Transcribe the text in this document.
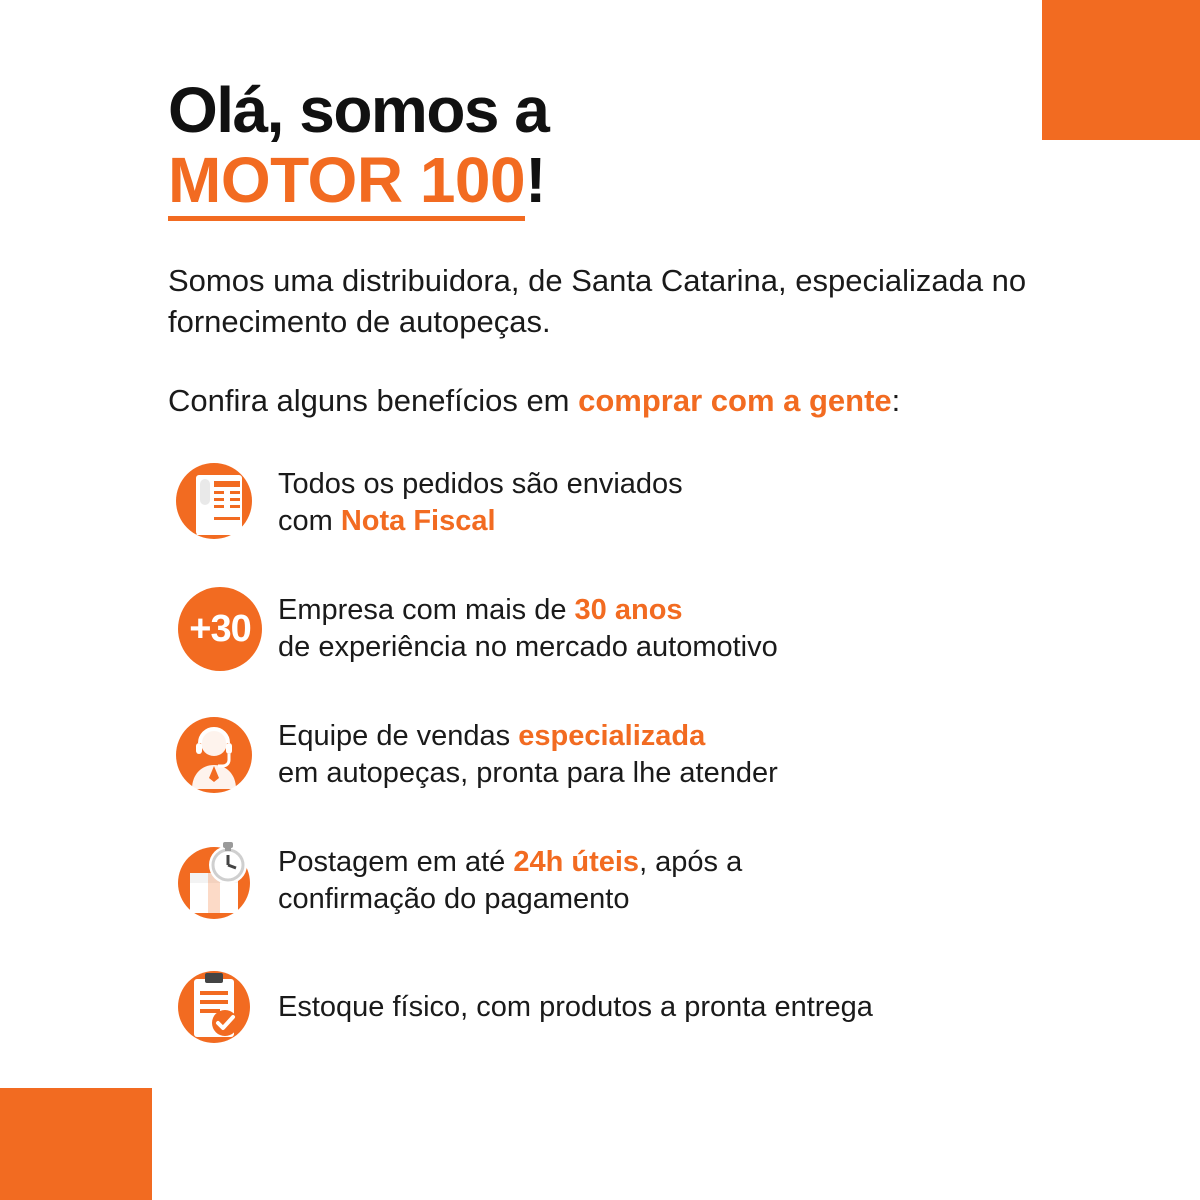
Olá, somos a
MOTOR 100!

Somos uma distribuidora, de Santa Catarina, especializada no fornecimento de autopeças.

Confira alguns benefícios em comprar com a gente:

Todos os pedidos são enviados
com Nota Fiscal
+30 Empresa com mais de 30 anos
de experiência no mercado automotivo
Equipe de vendas especializada
em autopeças, pronta para lhe atender
Postagem em até 24h úteis, após a
confirmação do pagamento
Estoque físico, com produtos a pronta entrega
